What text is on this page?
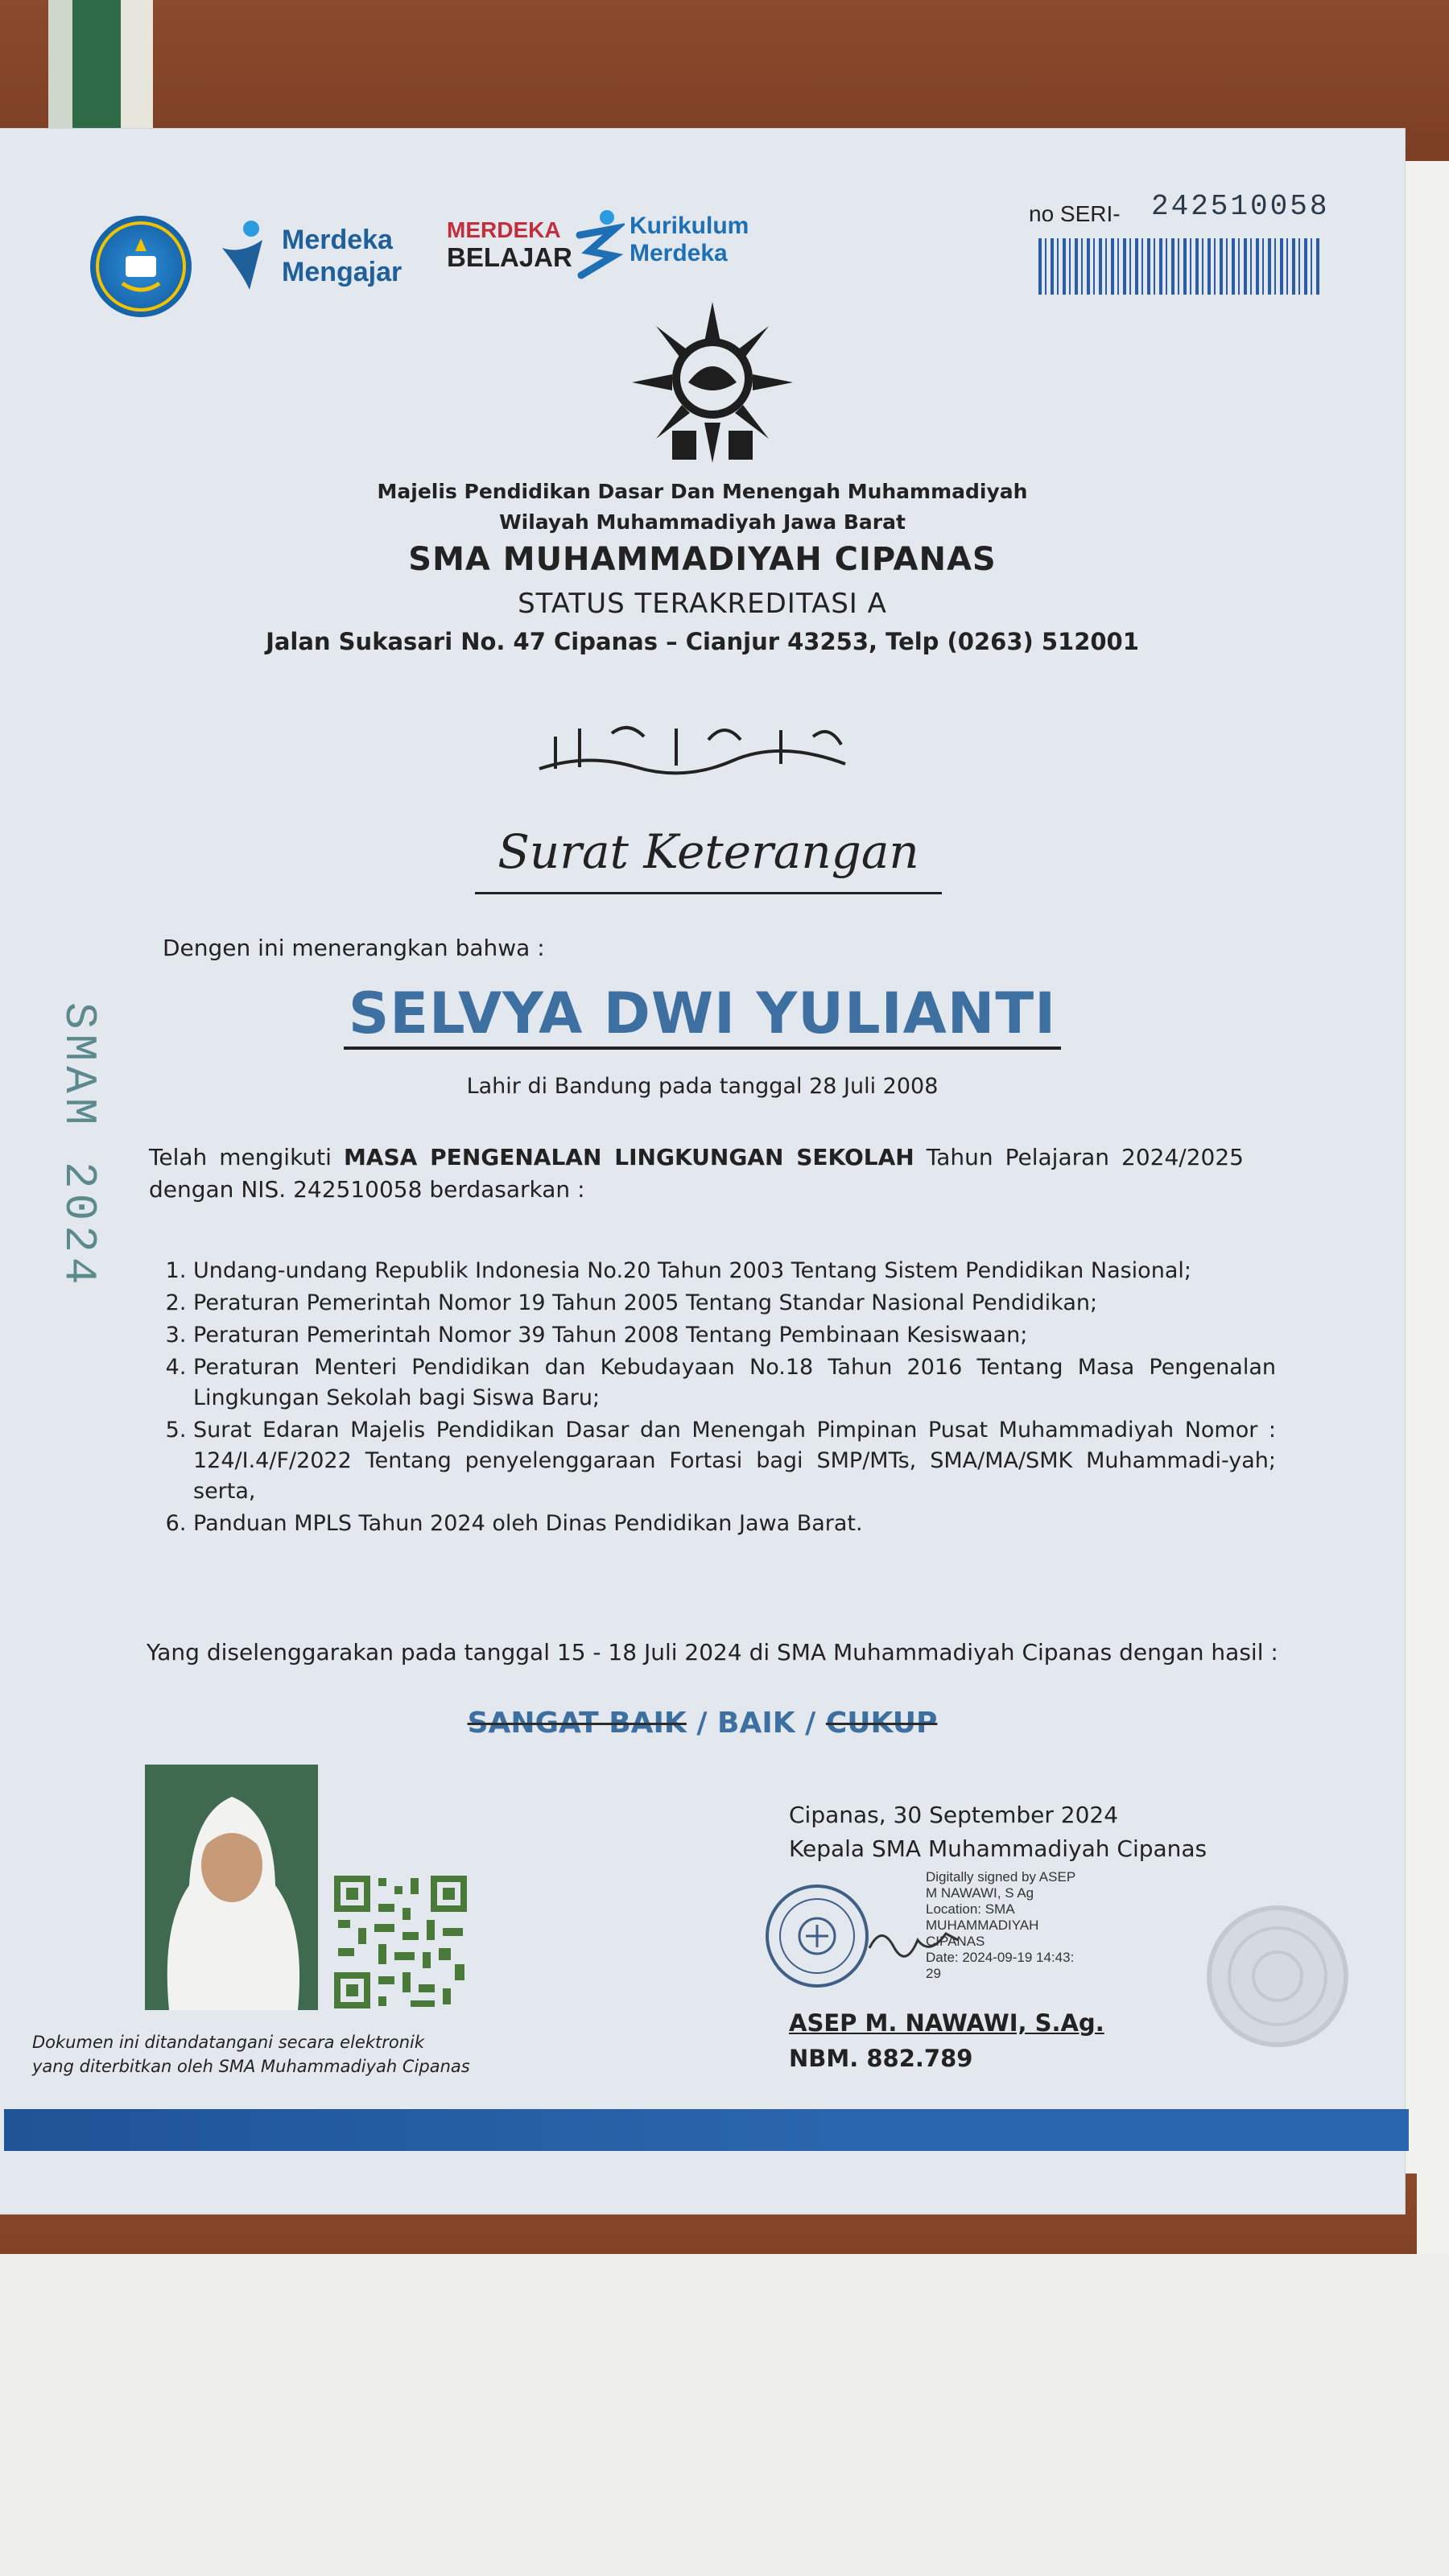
Merdeka
Mengajar
MERDEKA
BELAJAR
Kurikulum
Merdeka
no SERI- 242510058
Majelis Pendidikan Dasar Dan Menengah Muhammadiyah
Wilayah Muhammadiyah Jawa Barat
SMA MUHAMMADIYAH CIPANAS
STATUS TERAKREDITASI A
Jalan Sukasari No. 47 Cipanas – Cianjur 43253, Telp (0263) 512001
Surat Keterangan
SMAM 2024
Dengen ini menerangkan bahwa :
SELVYA DWI YULIANTI
Lahir di Bandung pada tanggal 28 Juli 2008
Telah mengikuti MASA PENGENALAN LINGKUNGAN SEKOLAH Tahun Pelajaran 2024/2025 dengan NIS. 242510058 berdasarkan :
1. Undang-undang Republik Indonesia No.20 Tahun 2003 Tentang Sistem Pendidikan Nasional;
2. Peraturan Pemerintah Nomor 19 Tahun 2005 Tentang Standar Nasional Pendidikan;
3. Peraturan Pemerintah Nomor 39 Tahun 2008 Tentang Pembinaan Kesiswaan;
4. Peraturan Menteri Pendidikan dan Kebudayaan No.18 Tahun 2016 Tentang Masa Pengenalan Lingkungan Sekolah bagi Siswa Baru;
5. Surat Edaran Majelis Pendidikan Dasar dan Menengah Pimpinan Pusat Muhammadiyah Nomor : 124/I.4/F/2022 Tentang penyelenggaraan Fortasi bagi SMP/MTs, SMA/MA/SMK Muhammadi-yah; serta,
6. Panduan MPLS Tahun 2024 oleh Dinas Pendidikan Jawa Barat.
Yang diselenggarakan pada tanggal 15 - 18 Juli 2024 di SMA Muhammadiyah Cipanas dengan hasil :
SANGAT BAIK / BAIK / CUKUP
Cipanas, 30 September 2024
Kepala SMA Muhammadiyah Cipanas
Digitally signed by ASEP
M NAWAWI, S Ag
Location: SMA
MUHAMMADIYAH
CIPANAS
Date: 2024-09-19 14:43:
29
ASEP M. NAWAWI, S.Ag.
NBM. 882.789
Dokumen ini ditandatangani secara elektronik
yang diterbitkan oleh SMA Muhammadiyah Cipanas
